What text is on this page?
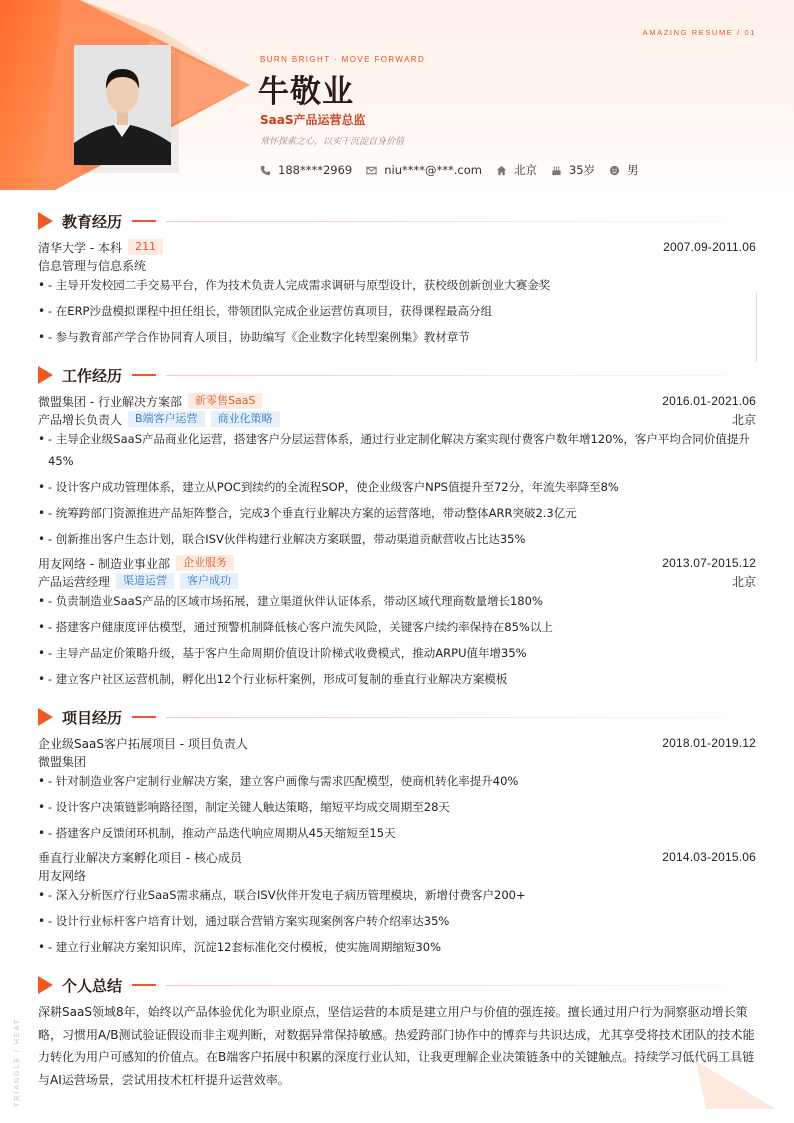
AMAZING RESUME / 01
BURN BRIGHT · MOVE FORWARD
牛敬业
SaaS产品运营总监
常怀探索之心，以实干沉淀自身价值
188****2969	niu****@***.com	北京	35岁	男
教育经历
清华大学 - 本科	211	2007.09-2011.06
信息管理与信息系统
• - 主导开发校园二手交易平台，作为技术负责人完成需求调研与原型设计，获校级创新创业大赛金奖
• - 在ERP沙盘模拟课程中担任组长，带领团队完成企业运营仿真项目，获得课程最高分组
• - 参与教育部产学合作协同育人项目，协助编写《企业数字化转型案例集》教材章节
工作经历
微盟集团 - 行业解决方案部	新零售SaaS	2016.01-2021.06
产品增长负责人	B端客户运营	商业化策略	北京
• - 主导企业级SaaS产品商业化运营，搭建客户分层运营体系，通过行业定制化解决方案实现付费客户数年增120%，客户平均合同价值提升45%
• - 设计客户成功管理体系，建立从POC到续约的全流程SOP，使企业级客户NPS值提升至72分，年流失率降至8%
• - 统筹跨部门资源推进产品矩阵整合，完成3个垂直行业解决方案的运营落地，带动整体ARR突破2.3亿元
• - 创新推出客户生态计划，联合ISV伙伴构建行业解决方案联盟，带动渠道贡献营收占比达35%
用友网络 - 制造业事业部	企业服务	2013.07-2015.12
产品运营经理	渠道运营	客户成功	北京
• - 负责制造业SaaS产品的区域市场拓展，建立渠道伙伴认证体系，带动区域代理商数量增长180%
• - 搭建客户健康度评估模型，通过预警机制降低核心客户流失风险，关键客户续约率保持在85%以上
• - 主导产品定价策略升级，基于客户生命周期价值设计阶梯式收费模式，推动ARPU值年增35%
• - 建立客户社区运营机制，孵化出12个行业标杆案例，形成可复制的垂直行业解决方案模板
项目经历
企业级SaaS客户拓展项目 - 项目负责人	2018.01-2019.12
微盟集团
• - 针对制造业客户定制行业解决方案，建立客户画像与需求匹配模型，使商机转化率提升40%
• - 设计客户决策链影响路径图，制定关键人触达策略，缩短平均成交周期至28天
• - 搭建客户反馈闭环机制，推动产品迭代响应周期从45天缩短至15天
垂直行业解决方案孵化项目 - 核心成员	2014.03-2015.06
用友网络
• - 深入分析医疗行业SaaS需求痛点，联合ISV伙伴开发电子病历管理模块，新增付费客户200+
• - 设计行业标杆客户培育计划，通过联合营销方案实现案例客户转介绍率达35%
• - 建立行业解决方案知识库，沉淀12套标准化交付模板，使实施周期缩短30%
个人总结
深耕SaaS领域8年，始终以产品体验优化为职业原点，坚信运营的本质是建立用户与价值的强连接。擅长通过用户行为洞察驱动增长策略，习惯用A/B测试验证假设而非主观判断，对数据异常保持敏感。热爱跨部门协作中的博弈与共识达成，尤其享受将技术团队的技术能力转化为用户可感知的价值点。在B端客户拓展中积累的深度行业认知，让我更理解企业决策链条中的关键触点。持续学习低代码工具链与AI运营场景，尝试用技术杠杆提升运营效率。
TRIANGLE / HEAT
